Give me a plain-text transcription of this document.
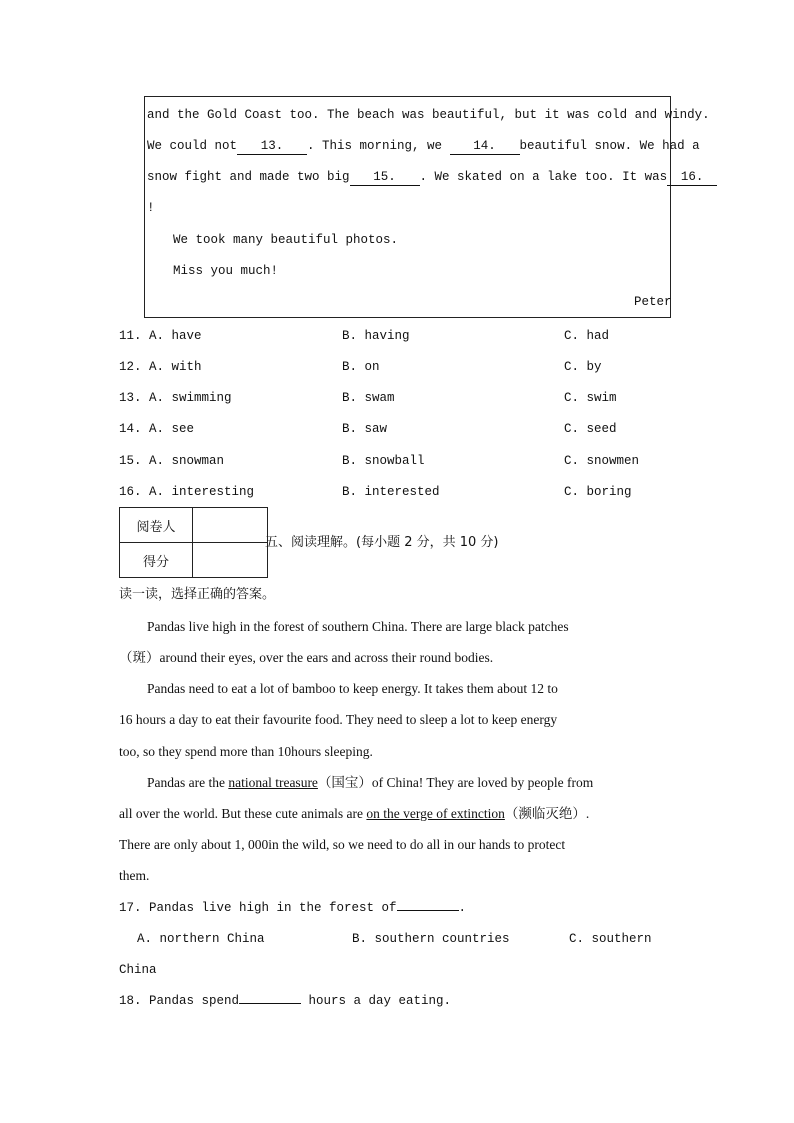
and the Gold Coast too. The beach was beautiful, but it was cold and windy.
We could not 13. . This morning, we 14. beautiful snow. We had a
snow fight and made two big 15. . We skated on a lake too. It was 16.
!
We took many beautiful photos.
Miss you much!
Peter
11. A. have	B. having	C. had
12. A. with	B. on	C. by
13. A. swimming	B. swam	C. swim
14. A. see	B. saw	C. seed
15. A. snowman	B. snowball	C. snowmen
16. A. interesting	B. interested	C. boring
阅卷人	
得分	
五、阅读理解。(每小题 2 分，共 10 分)
读一读，选择正确的答案。
Pandas live high in the forest of southern China. There are large black patches
（斑）around their eyes, over the ears and across their round bodies.
Pandas need to eat a lot of bamboo to keep energy. It takes them about 12 to
16 hours a day to eat their favourite food. They need to sleep a lot to keep energy
too, so they spend more than 10hours sleeping.
Pandas are the national treasure（国宝）of China! They are loved by people from
all over the world. But these cute animals are on the verge of extinction（濒临灭绝）.
There are only about 1, 000in the wild, so we need to do all in our hands to protect
them.
17. Pandas live high in the forest of	.
A. northern China	B. southern countries	C. southern
China
18. Pandas spend	hours a day eating.
